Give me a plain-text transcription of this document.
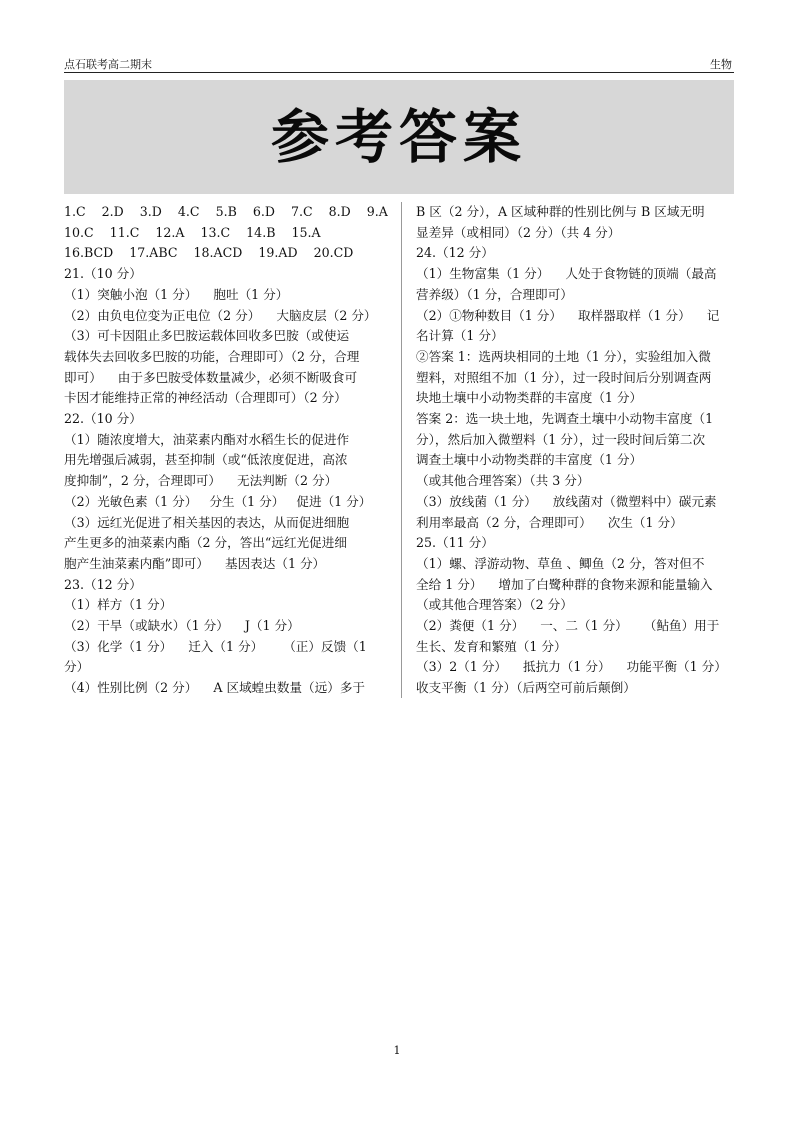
点石联考高二期末	生物
参考答案
1.C    2.D    3.D    4.C    5.B    6.D    7.C    8.D    9.A
10.C    11.C    12.A    13.C    14.B    15.A
16.BCD    17.ABC    18.ACD    19.AD    20.CD
21.（10 分）
（1）突触小泡（1 分）    胞吐（1 分）
（2）由负电位变为正电位（2 分）    大脑皮层（2 分）
（3）可卡因阻止多巴胺运载体回收多巴胺（或使运
载体失去回收多巴胺的功能，合理即可）（2 分，合理
即可）    由于多巴胺受体数量减少，必须不断吸食可
卡因才能维持正常的神经活动（合理即可）（2 分）
22.（10 分）
（1）随浓度增大，油菜素内酯对水稻生长的促进作
用先增强后减弱，甚至抑制（或“低浓度促进，高浓
度抑制”，2 分，合理即可）    无法判断（2 分）
（2）光敏色素（1 分）   分生（1 分）   促进（1 分）
（3）远红光促进了相关基因的表达，从而促进细胞
产生更多的油菜素内酯（2 分，答出“远红光促进细
胞产生油菜素内酯”即可）    基因表达（1 分）
23.（12 分）
（1）样方（1 分）
（2）干旱（或缺水）（1 分）    J（1 分）
（3）化学（1 分）    迁入（1 分）     （正）反馈（1
分）
（4）性别比例（2 分）    A 区域蝗虫数量（远）多于
B 区（2 分），A 区域种群的性别比例与 B 区域无明
显差异（或相同）（2 分）（共 4 分）
24.（12 分）
（1）生物富集（1 分）    人处于食物链的顶端（最高
营养级）（1 分，合理即可）
（2）①物种数目（1 分）    取样器取样（1 分）    记
名计算（1 分）
②答案 1：选两块相同的土地（1 分），实验组加入微
塑料，对照组不加（1 分），过一段时间后分别调查两
块地土壤中小动物类群的丰富度（1 分）
答案 2：选一块土地，先调查土壤中小动物丰富度（1
分），然后加入微塑料（1 分），过一段时间后第二次
调查土壤中小动物类群的丰富度（1 分）
（或其他合理答案）（共 3 分）
（3）放线菌（1 分）    放线菌对（微塑料中）碳元素
利用率最高（2 分，合理即可）    次生（1 分）
25.（11 分）
（1）螺、浮游动物、草鱼 、鲫鱼（2 分，答对但不
全给 1 分）    增加了白鹭种群的食物来源和能量输入
（或其他合理答案）（2 分）
（2）粪便（1 分）    一、二（1 分）    （鲇鱼）用于
生长、发育和繁殖（1 分）
（3）2（1 分）    抵抗力（1 分）    功能平衡（1 分）
收支平衡（1 分）（后两空可前后颠倒）
1
